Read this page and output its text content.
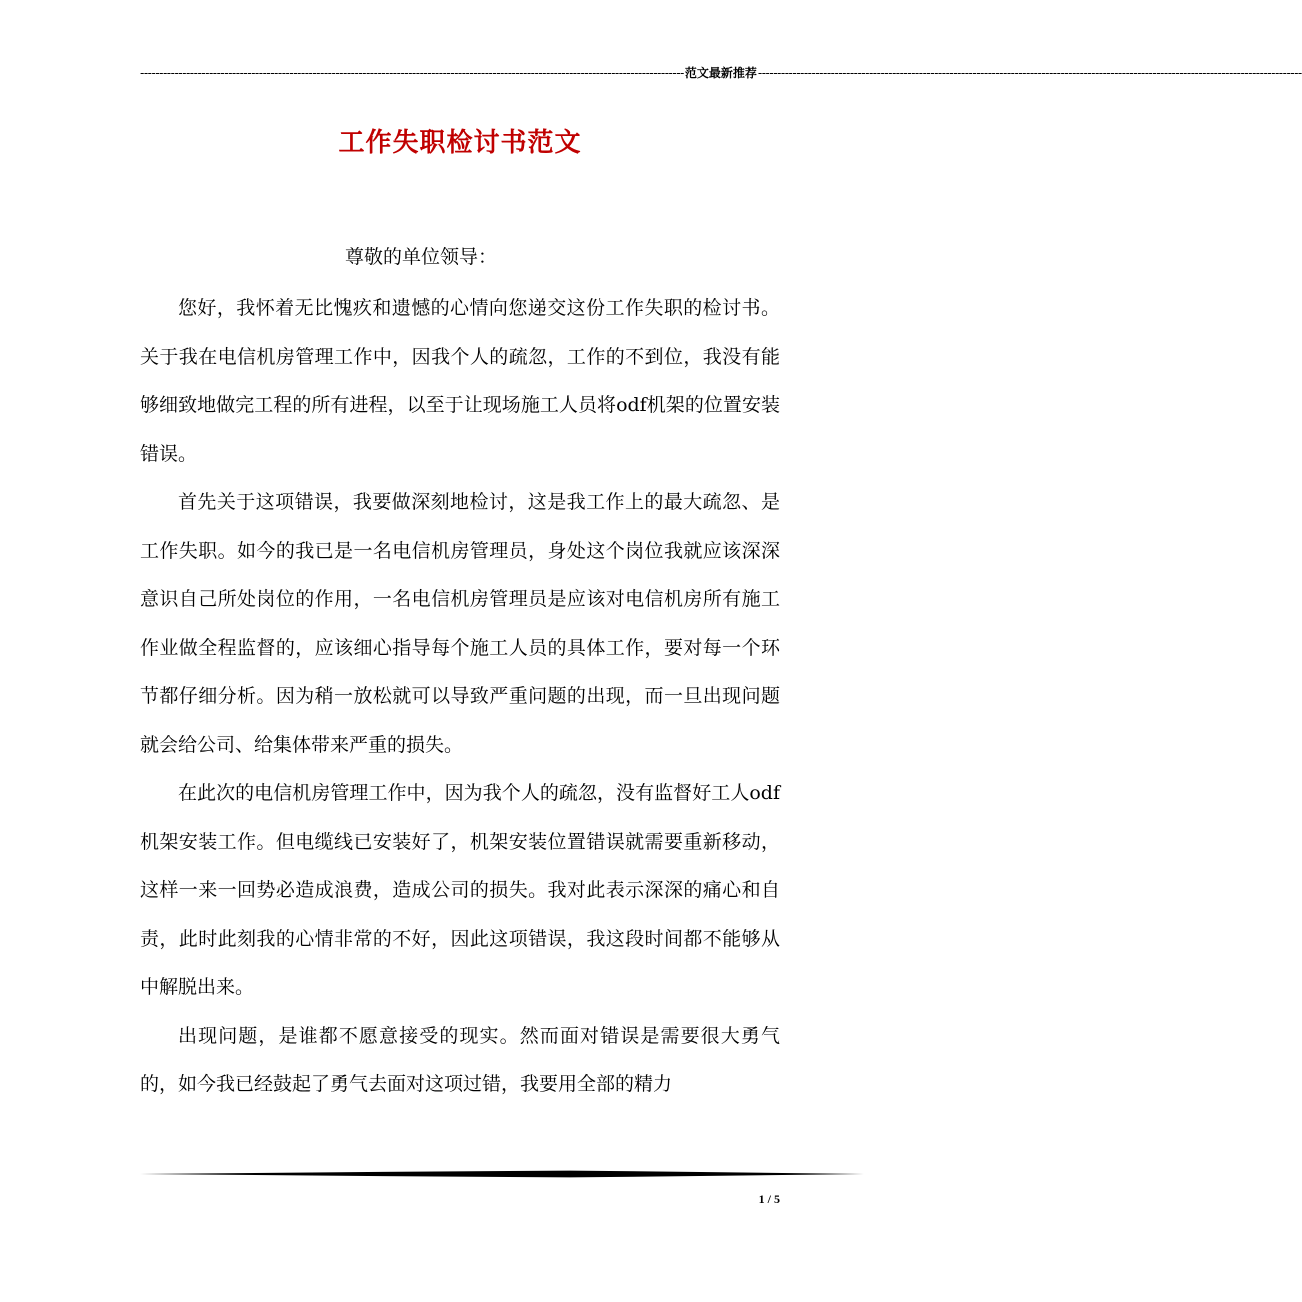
---------------------------------------------------------------------------------------------------------------------------------------------- 范文最新推荐 ----------------------------------------------------------------------------------------------------------------------------------------------
工作失职检讨书范文
尊敬的单位领导：

您好，我怀着无比愧疚和遗憾的心情向您递交这份工作失职的检讨书。关于我在电信机房管理工作中，因我个人的疏忽，工作的不到位，我没有能够细致地做完工程的所有进程，以至于让现场施工人员将odf机架的位置安装错误。

首先关于这项错误，我要做深刻地检讨，这是我工作上的最大疏忽、是工作失职。如今的我已是一名电信机房管理员，身处这个岗位我就应该深深意识自己所处岗位的作用，一名电信机房管理员是应该对电信机房所有施工作业做全程监督的，应该细心指导每个施工人员的具体工作，要对每一个环节都仔细分析。因为稍一放松就可以导致严重问题的出现，而一旦出现问题就会给公司、给集体带来严重的损失。

在此次的电信机房管理工作中，因为我个人的疏忽，没有监督好工人odf机架安装工作。但电缆线已安装好了，机架安装位置错误就需要重新移动，这样一来一回势必造成浪费，造成公司的损失。我对此表示深深的痛心和自责，此时此刻我的心情非常的不好，因此这项错误，我这段时间都不能够从中解脱出来。

出现问题，是谁都不愿意接受的现实。然而面对错误是需要很大勇气的，如今我已经鼓起了勇气去面对这项过错，我要用全部的精力

1 / 5
